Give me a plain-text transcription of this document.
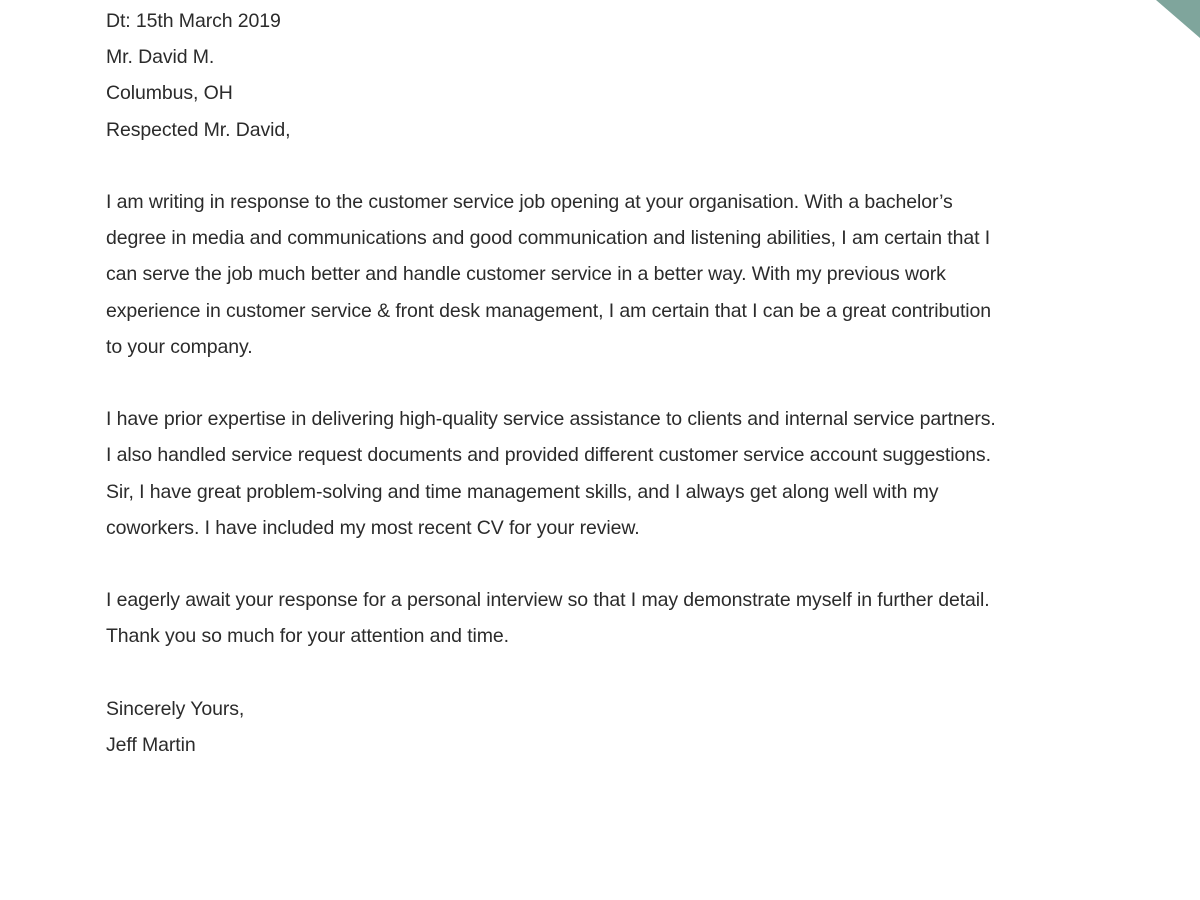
Dt: 15th March 2019
Mr. David M.
Columbus, OH
Respected Mr. David,
I am writing in response to the customer service job opening at your organisation. With a bachelor’s
degree in media and communications and good communication and listening abilities, I am certain that I
can serve the job much better and handle customer service in a better way. With my previous work
experience in customer service & front desk management, I am certain that I can be a great contribution
to your company.
I have prior expertise in delivering high-quality service assistance to clients and internal service partners.
I also handled service request documents and provided different customer service account suggestions.
Sir, I have great problem-solving and time management skills, and I always get along well with my
coworkers. I have included my most recent CV for your review.
I eagerly await your response for a personal interview so that I may demonstrate myself in further detail.
Thank you so much for your attention and time.
Sincerely Yours,
Jeff Martin
